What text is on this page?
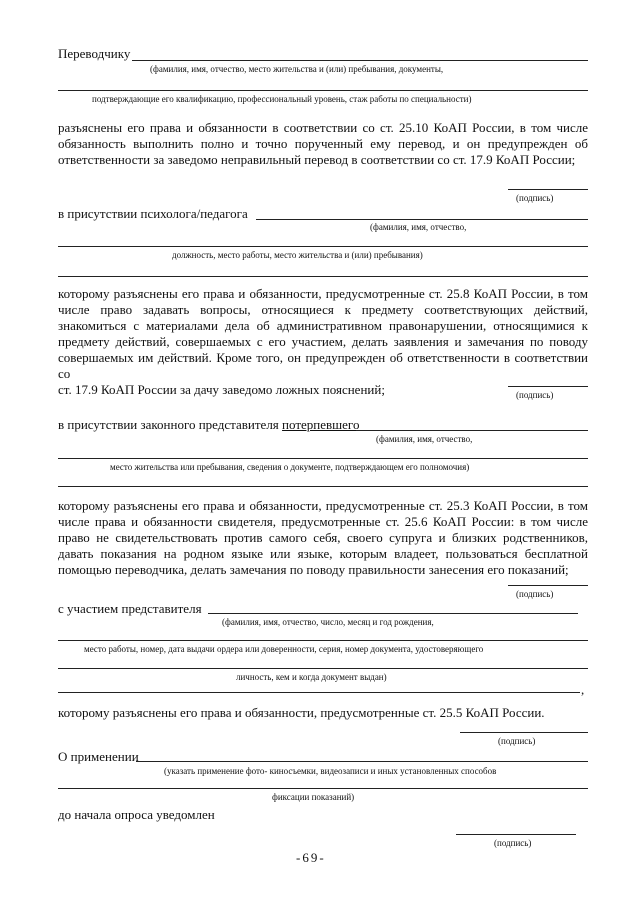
Переводчику
(фамилия, имя, отчество, место жительства и (или) пребывания, документы,
подтверждающие его квалификацию, профессиональный уровень, стаж работы по специальности)
разъяснены его права и обязанности в соответствии со ст. 25.10 КоАП России, в том числе
обязанность выполнить полно и точно порученный ему перевод, и он предупрежден об
ответственности за заведомо неправильный перевод в соответствии со ст. 17.9 КоАП России;
(подпись)
в присутствии психолога/педагога
(фамилия, имя, отчество,
должность, место работы, место жительства и (или) пребывания)
которому разъяснены его права и обязанности, предусмотренные ст. 25.8 КоАП России, в том
числе право задавать вопросы, относящиеся к предмету соответствующих действий,
знакомиться с материалами дела об административном правонарушении, относящимися к
предмету действий, совершаемых с его участием, делать заявления и замечания по поводу
совершаемых им действий. Кроме того, он предупрежден об ответственности в соответствии со
ст. 17.9 КоАП России за дачу заведомо ложных пояснений;	(подпись)
в присутствии законного представителя потерпевшего
(фамилия, имя, отчество,
место жительства или пребывания, сведения о документе, подтверждающем его полномочия)
которому разъяснены его права и обязанности, предусмотренные ст. 25.3 КоАП России, в том
числе права и обязанности свидетеля, предусмотренные ст. 25.6 КоАП России: в том числе
право не свидетельствовать против самого себя, своего супруга и близких родственников,
давать показания на родном языке или языке, которым владеет, пользоваться бесплатной
помощью переводчика, делать замечания по поводу правильности занесения его показаний;
(подпись)
с участием представителя
(фамилия, имя, отчество, число, месяц и год рождения,
место работы, номер, дата выдачи ордера или доверенности, серия, номер документа, удостоверяющего
личность, кем и когда документ выдан)
,
которому разъяснены его права и обязанности, предусмотренные ст. 25.5 КоАП России.
(подпись)
О применении
(указать применение фото- киносъемки, видеозаписи и иных установленных способов
фиксации показаний)
до начала опроса уведомлен
(подпись)
-69-
